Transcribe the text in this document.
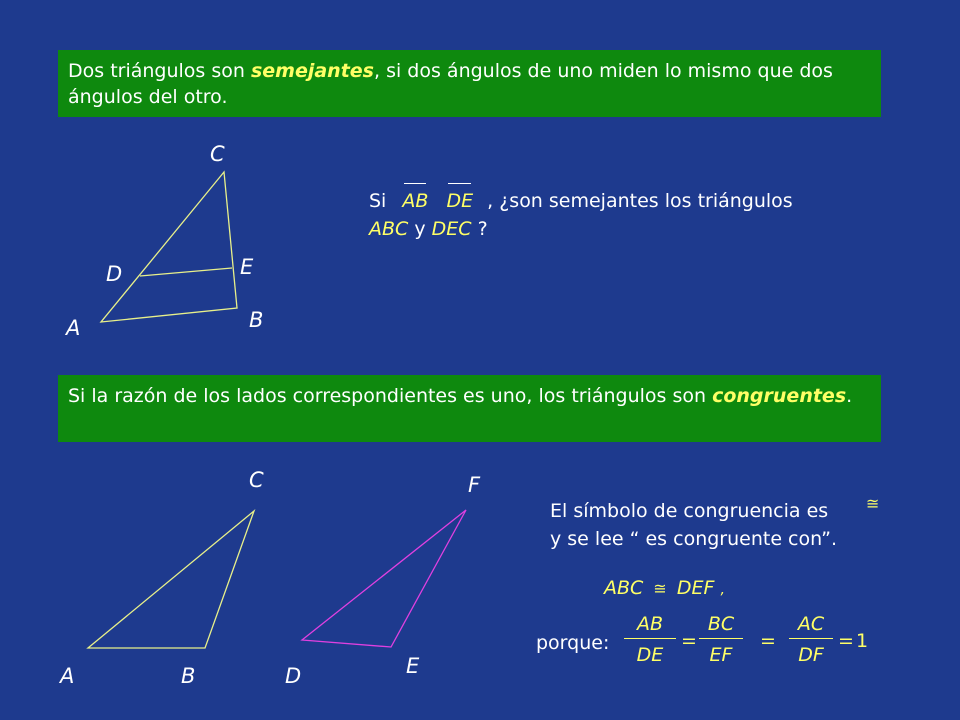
Dos triángulos son semejantes, si dos ángulos de uno miden lo mismo que dos ángulos del otro.
C
D	E
B
A
Si AB DE , ¿son semejantes los triángulos
ABC y DEC ?
Si la razón de los lados correspondientes es uno, los triángulos son congruentes.
C
A	B
F
D	E
El símbolo de congruencia es ≅
y se lee “ es congruente con”.
ABC ≅ DEF ,
porque: $\frac{AB}{DE} = \frac{BC}{EF} = \frac{AC}{DF} = 1$
